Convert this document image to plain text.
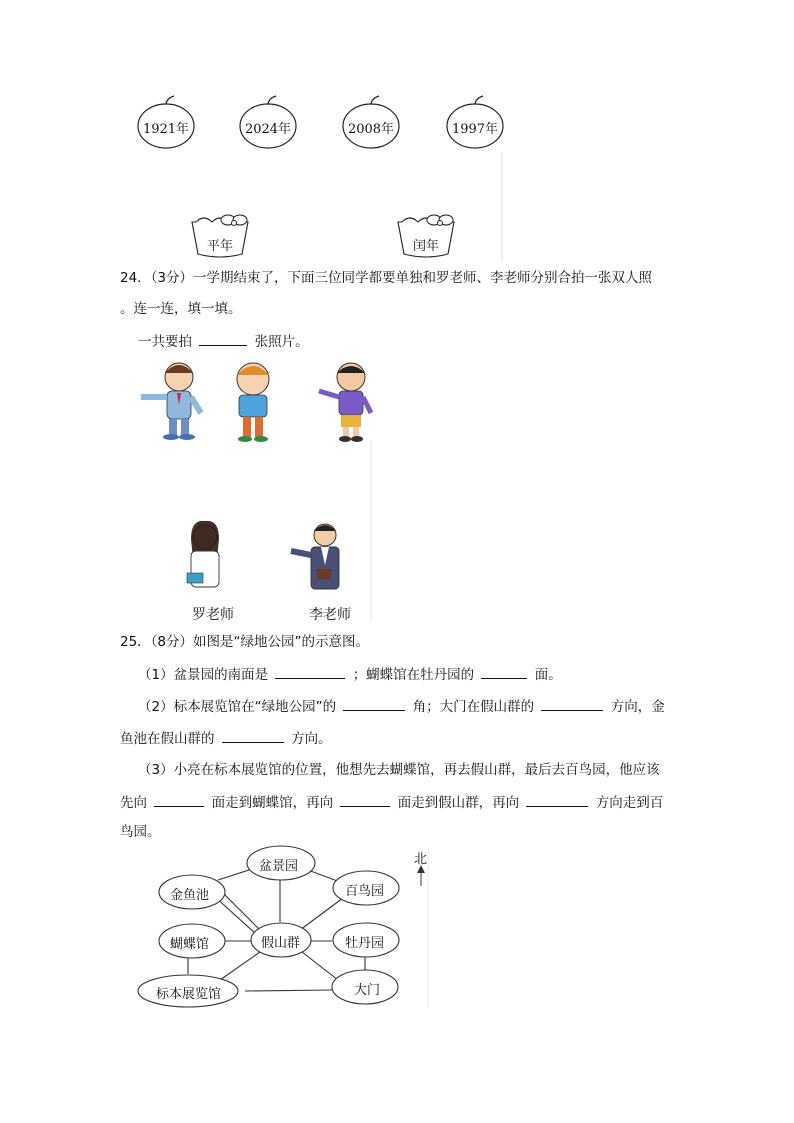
1921年	2024年	2008年	1997年
平年	闰年
24．（3分）一学期结束了，下面三位同学都要单独和罗老师、李老师分别合拍一张双人照
。连一连，填一填。
一共要拍	张照片。
罗老师	李老师
25．（8分）如图是“绿地公园”的示意图。
（1）盆景园的南面是	；蝴蝶馆在牡丹园的	面。
（2）标本展览馆在“绿地公园”的	角；大门在假山群的	方向，金
鱼池在假山群的	方向。
（3）小亮在标本展览馆的位置，他想先去蝴蝶馆，再去假山群，最后去百鸟园，他应该
先向	面走到蝴蝶馆，再向	面走到假山群，再向	方向走到百
鸟园。
盆景园
金鱼池	百鸟园
蝴蝶馆	假山群	牡丹园
标本展览馆	大门
北
